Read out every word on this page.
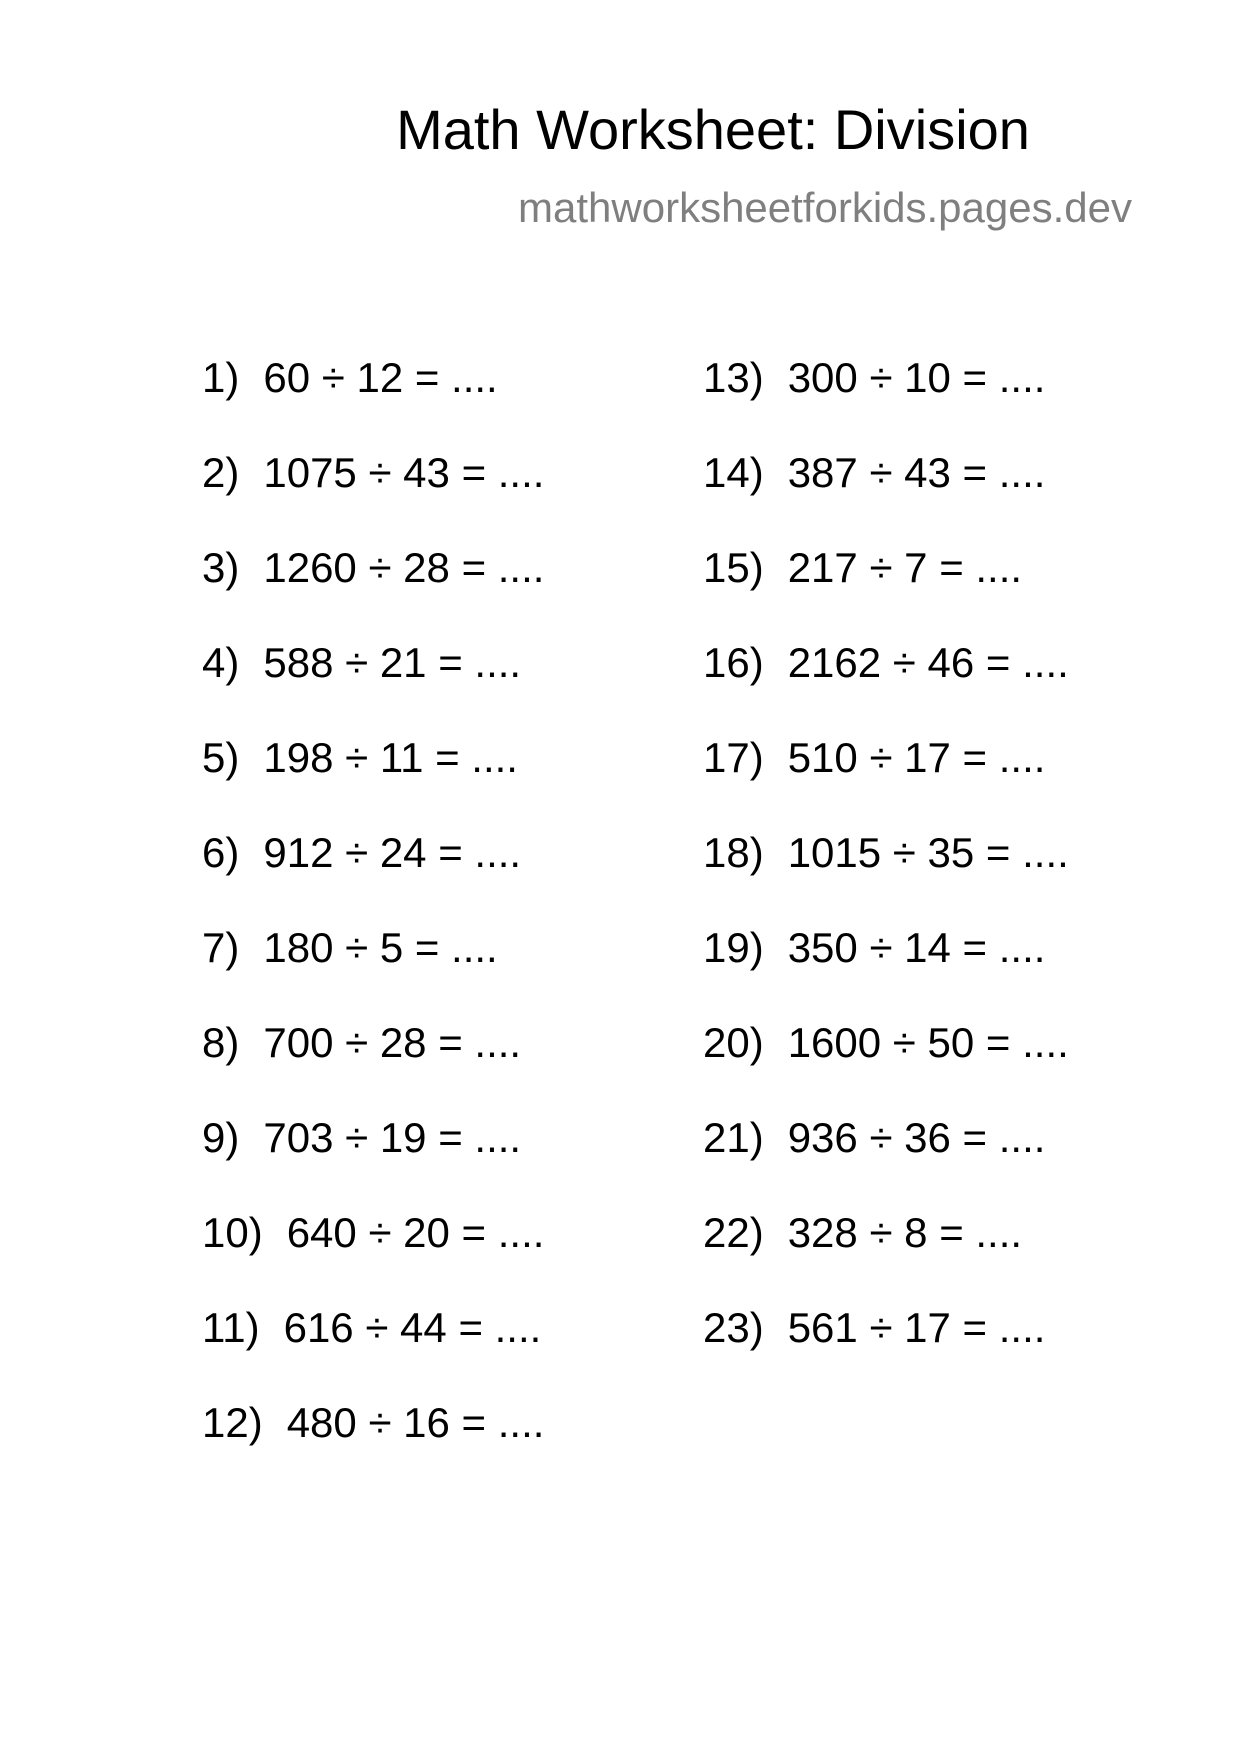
Math Worksheet: Division
mathworksheetforkids.pages.dev
1) 60 ÷ 12 = ....
2) 1075 ÷ 43 = ....
3) 1260 ÷ 28 = ....
4) 588 ÷ 21 = ....
5) 198 ÷ 11 = ....
6) 912 ÷ 24 = ....
7) 180 ÷ 5 = ....
8) 700 ÷ 28 = ....
9) 703 ÷ 19 = ....
10) 640 ÷ 20 = ....
11) 616 ÷ 44 = ....
12) 480 ÷ 16 = ....
13) 300 ÷ 10 = ....
14) 387 ÷ 43 = ....
15) 217 ÷ 7 = ....
16) 2162 ÷ 46 = ....
17) 510 ÷ 17 = ....
18) 1015 ÷ 35 = ....
19) 350 ÷ 14 = ....
20) 1600 ÷ 50 = ....
21) 936 ÷ 36 = ....
22) 328 ÷ 8 = ....
23) 561 ÷ 17 = ....
